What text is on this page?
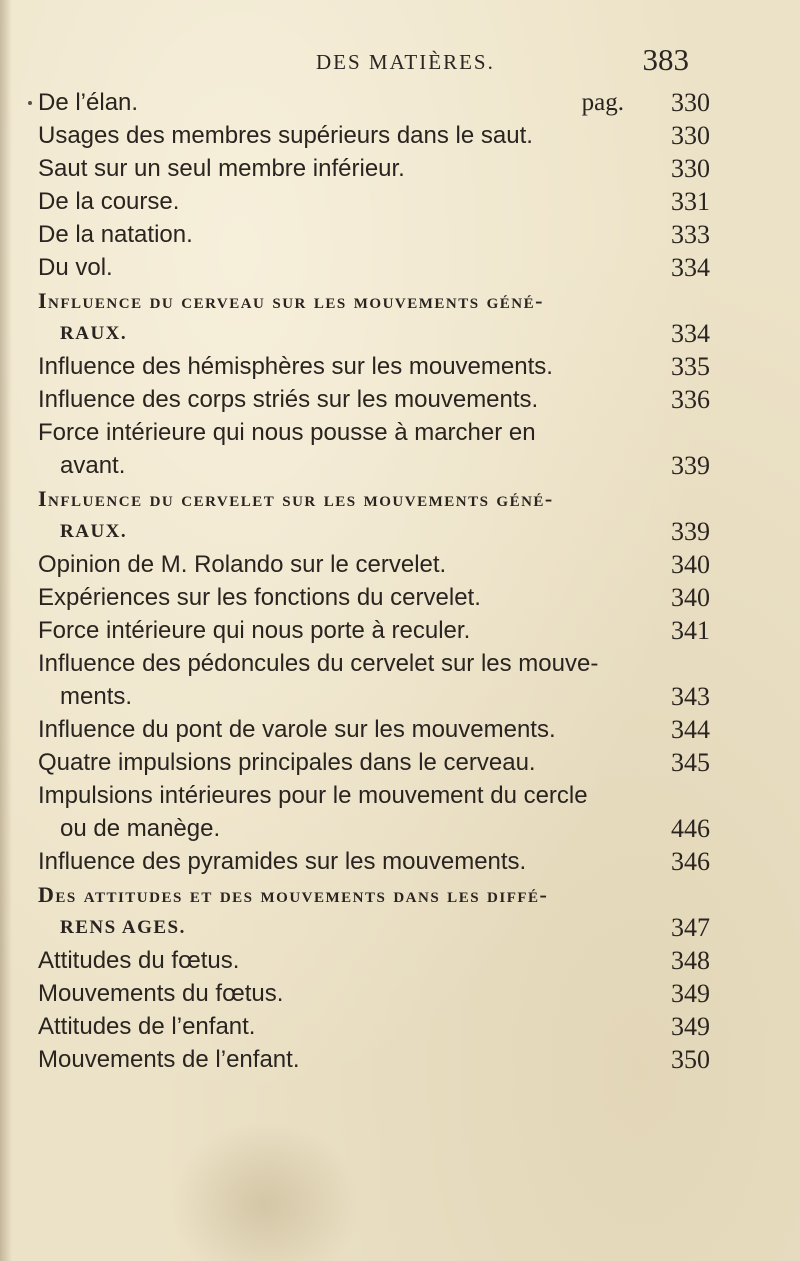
DES MATIÈRES.	383
De l’élan.	pag. 330
Usages des membres supérieurs dans le saut.	330
Saut sur un seul membre inférieur.	330
De la course.	331
De la natation.	333
Du vol.	334
Influence du cerveau sur les mouvements géné-
RAUX.	334
Influence des hémisphères sur les mouvements.	335
Influence des corps striés sur les mouvements.	336
Force intérieure qui nous pousse à marcher en
avant.	339
Influence du cervelet sur les mouvements géné-
RAUX.	339
Opinion de M. Rolando sur le cervelet.	340
Expériences sur les fonctions du cervelet.	340
Force intérieure qui nous porte à reculer.	341
Influence des pédoncules du cervelet sur les mouve-
ments.	343
Influence du pont de varole sur les mouvements.	344
Quatre impulsions principales dans le cerveau.	345
Impulsions intérieures pour le mouvement du cercle
ou de manège.	446
Influence des pyramides sur les mouvements.	346
Des attitudes et des mouvements dans les diffé-
RENS AGES.	347
Attitudes du fœtus.	348
Mouvements du fœtus.	349
Attitudes de l’enfant.	349
Mouvements de l’enfant.	350
